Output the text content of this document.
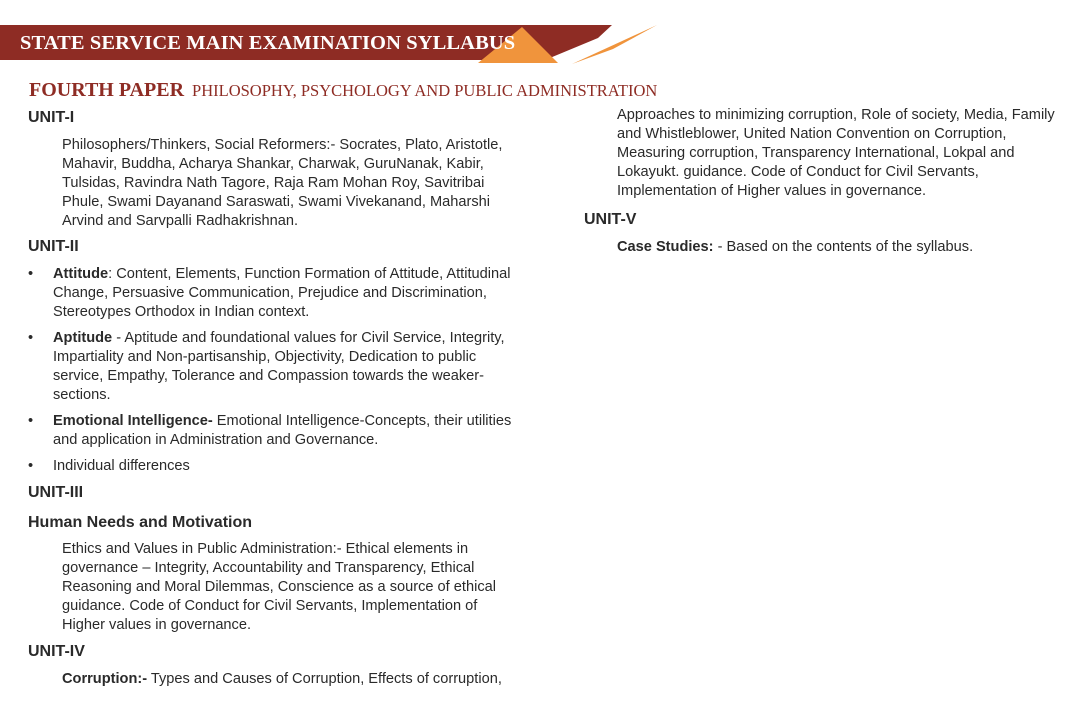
STATE SERVICE MAIN EXAMINATION SYLLABUS
FOURTH PAPER PHILOSOPHY, PSYCHOLOGY AND PUBLIC ADMINISTRATION

UNIT-I

Philosophers/Thinkers, Social Reformers:- Socrates, Plato, Aristotle,
Mahavir, Buddha, Acharya Shankar, Charwak, GuruNanak, Kabir,
Tulsidas, Ravindra Nath Tagore, Raja Ram Mohan Roy, Savitribai
Phule, Swami Dayanand Saraswati, Swami Vivekanand, Maharshi
Arvind and Sarvpalli Radhakrishnan.

UNIT-II

• Attitude: Content, Elements, Function Formation of Attitude, Attitudinal
Change, Persuasive Communication, Prejudice and Discrimination,
Stereotypes Orthodox in Indian context.
• Aptitude - Aptitude and foundational values for Civil Service, Integrity,
Impartiality and Non-partisanship, Objectivity, Dedication to public
service, Empathy, Tolerance and Compassion towards the weaker-
sections.
• Emotional Intelligence- Emotional Intelligence-Concepts, their utilities
and application in Administration and Governance.
• Individual differences

UNIT-III

Human Needs and Motivation

Ethics and Values in Public Administration:- Ethical elements in
governance – Integrity, Accountability and Transparency, Ethical
Reasoning and Moral Dilemmas, Conscience as a source of ethical
guidance. Code of Conduct for Civil Servants, Implementation of
Higher values in governance.

UNIT-IV

Corruption:- Types and Causes of Corruption, Effects of corruption,
Approaches to minimizing corruption, Role of society, Media, Family
and Whistleblower, United Nation Convention on Corruption,
Measuring corruption, Transparency International, Lokpal and
Lokayukt. guidance. Code of Conduct for Civil Servants,
Implementation of Higher values in governance.

UNIT-V

Case Studies: - Based on the contents of the syllabus.
